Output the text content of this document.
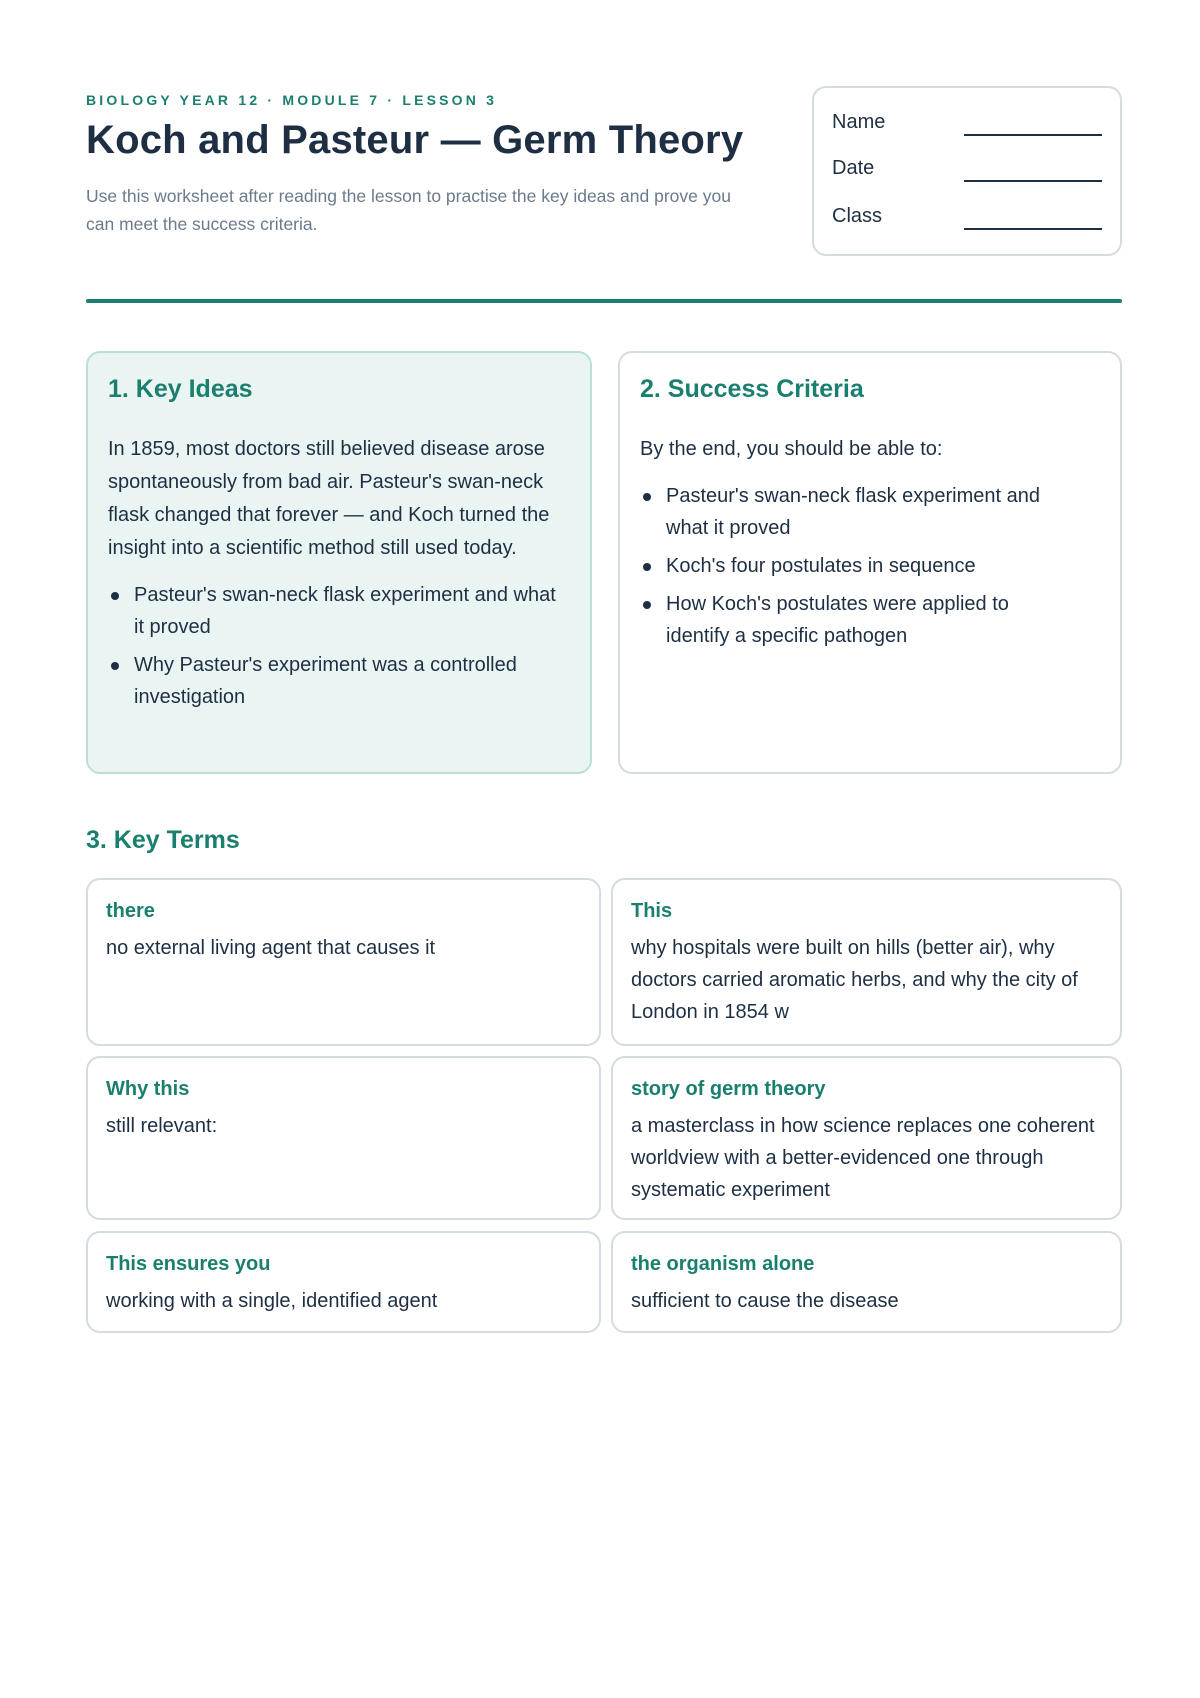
BIOLOGY YEAR 12 · MODULE 7 · LESSON 3
Koch and Pasteur — Germ Theory

Use this worksheet after reading the lesson to practise the key ideas and prove you can meet the success criteria.

Name
Date
Class
1. Key Ideas

In 1859, most doctors still believed disease arose spontaneously from bad air. Pasteur's swan-neck flask changed that forever — and Koch turned the insight into a scientific method still used today.

Pasteur's swan-neck flask experiment and what it proved
Why Pasteur's experiment was a controlled investigation
2. Success Criteria

By the end, you should be able to:

Pasteur's swan-neck flask experiment and what it proved
Koch's four postulates in sequence
How Koch's postulates were applied to identify a specific pathogen
3. Key Terms
there
no external living agent that causes it
This
why hospitals were built on hills (better air), why doctors carried aromatic herbs, and why the city of London in 1854 w
Why this
still relevant:
story of germ theory
a masterclass in how science replaces one coherent worldview with a better-evidenced one through systematic experiment
This ensures you
working with a single, identified agent
the organism alone
sufficient to cause the disease
